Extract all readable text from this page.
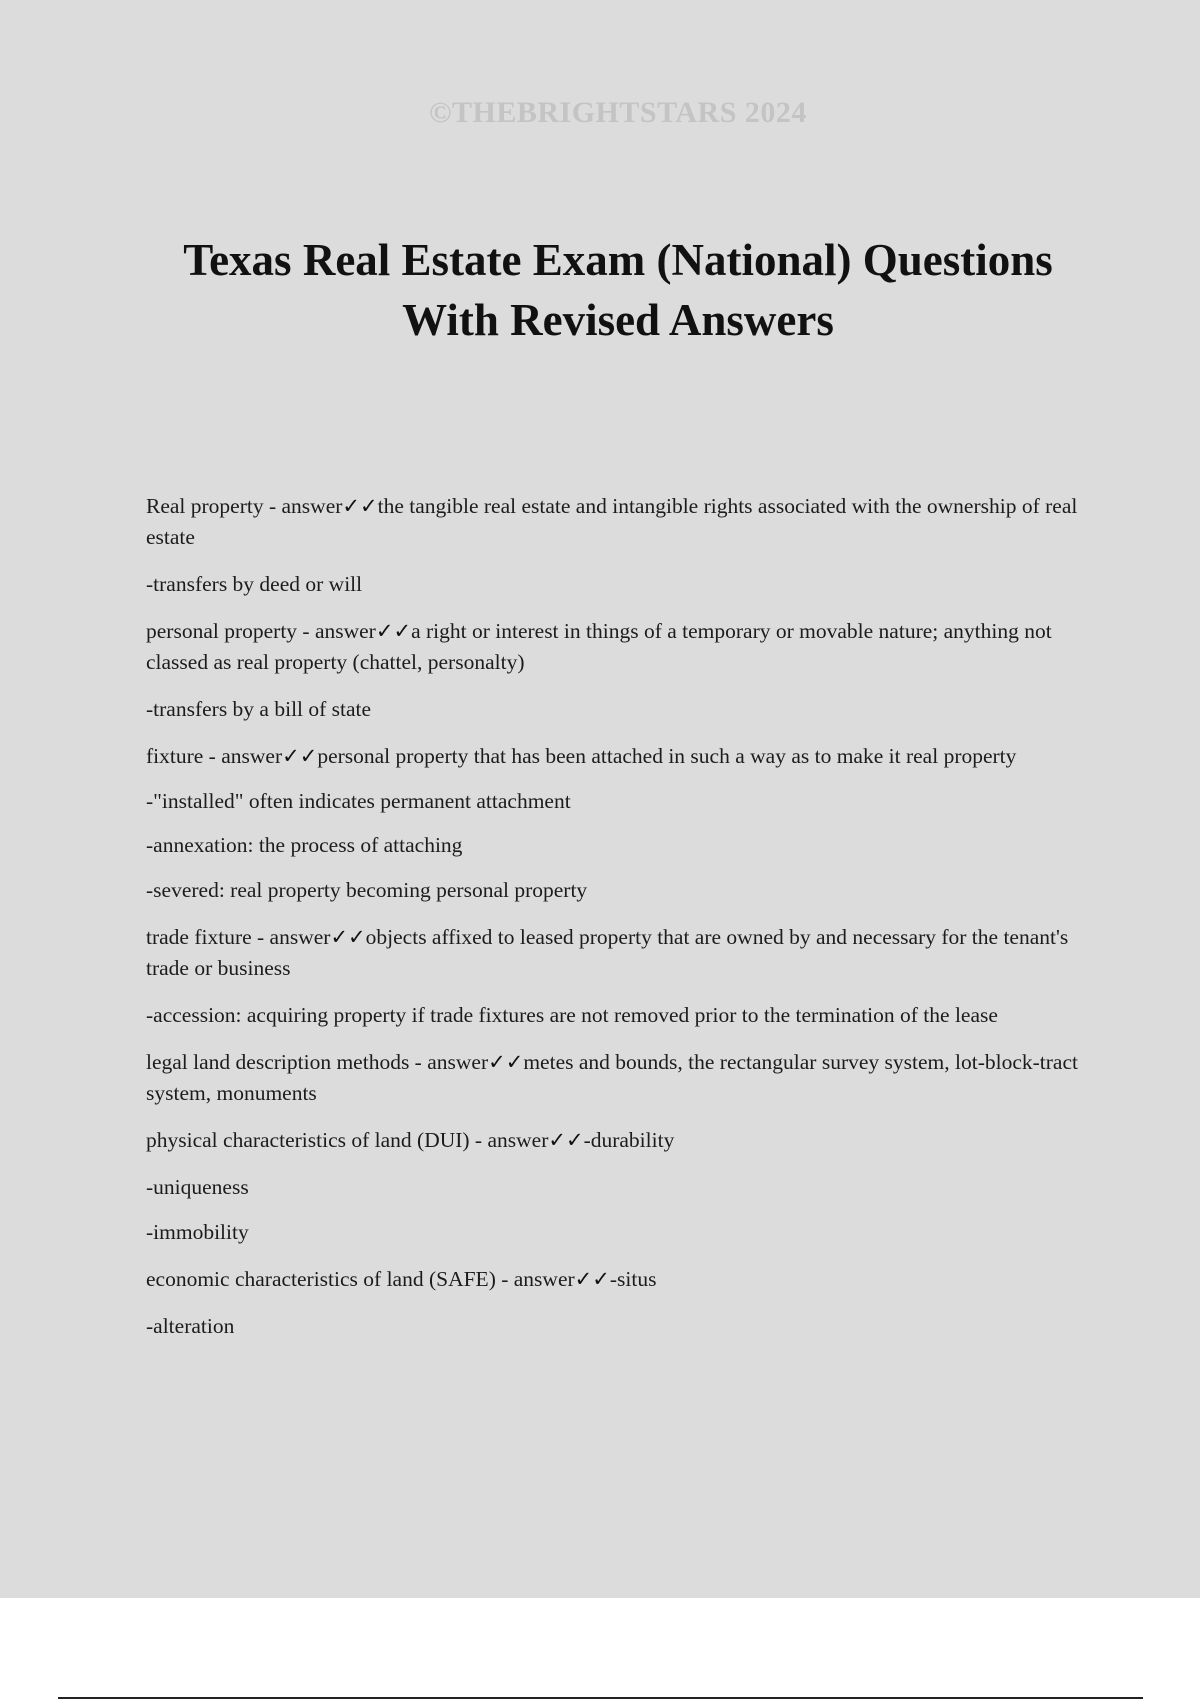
©THEBRIGHTSTARS 2024
Texas Real Estate Exam (National) Questions
With Revised Answers

Real property - answer✓✓the tangible real estate and intangible rights associated with the ownership of real estate

-transfers by deed or will

personal property - answer✓✓a right or interest in things of a temporary or movable nature; anything not classed as real property (chattel, personalty)

-transfers by a bill of state

fixture - answer✓✓personal property that has been attached in such a way as to make it real property

-"installed" often indicates permanent attachment

-annexation: the process of attaching

-severed: real property becoming personal property

trade fixture - answer✓✓objects affixed to leased property that are owned by and necessary for the tenant's trade or business

-accession: acquiring property if trade fixtures are not removed prior to the termination of the lease

legal land description methods - answer✓✓metes and bounds, the rectangular survey system, lot-block-tract system, monuments

physical characteristics of land (DUI) - answer✓✓-durability

-uniqueness

-immobility

economic characteristics of land (SAFE) - answer✓✓-situs

-alteration
